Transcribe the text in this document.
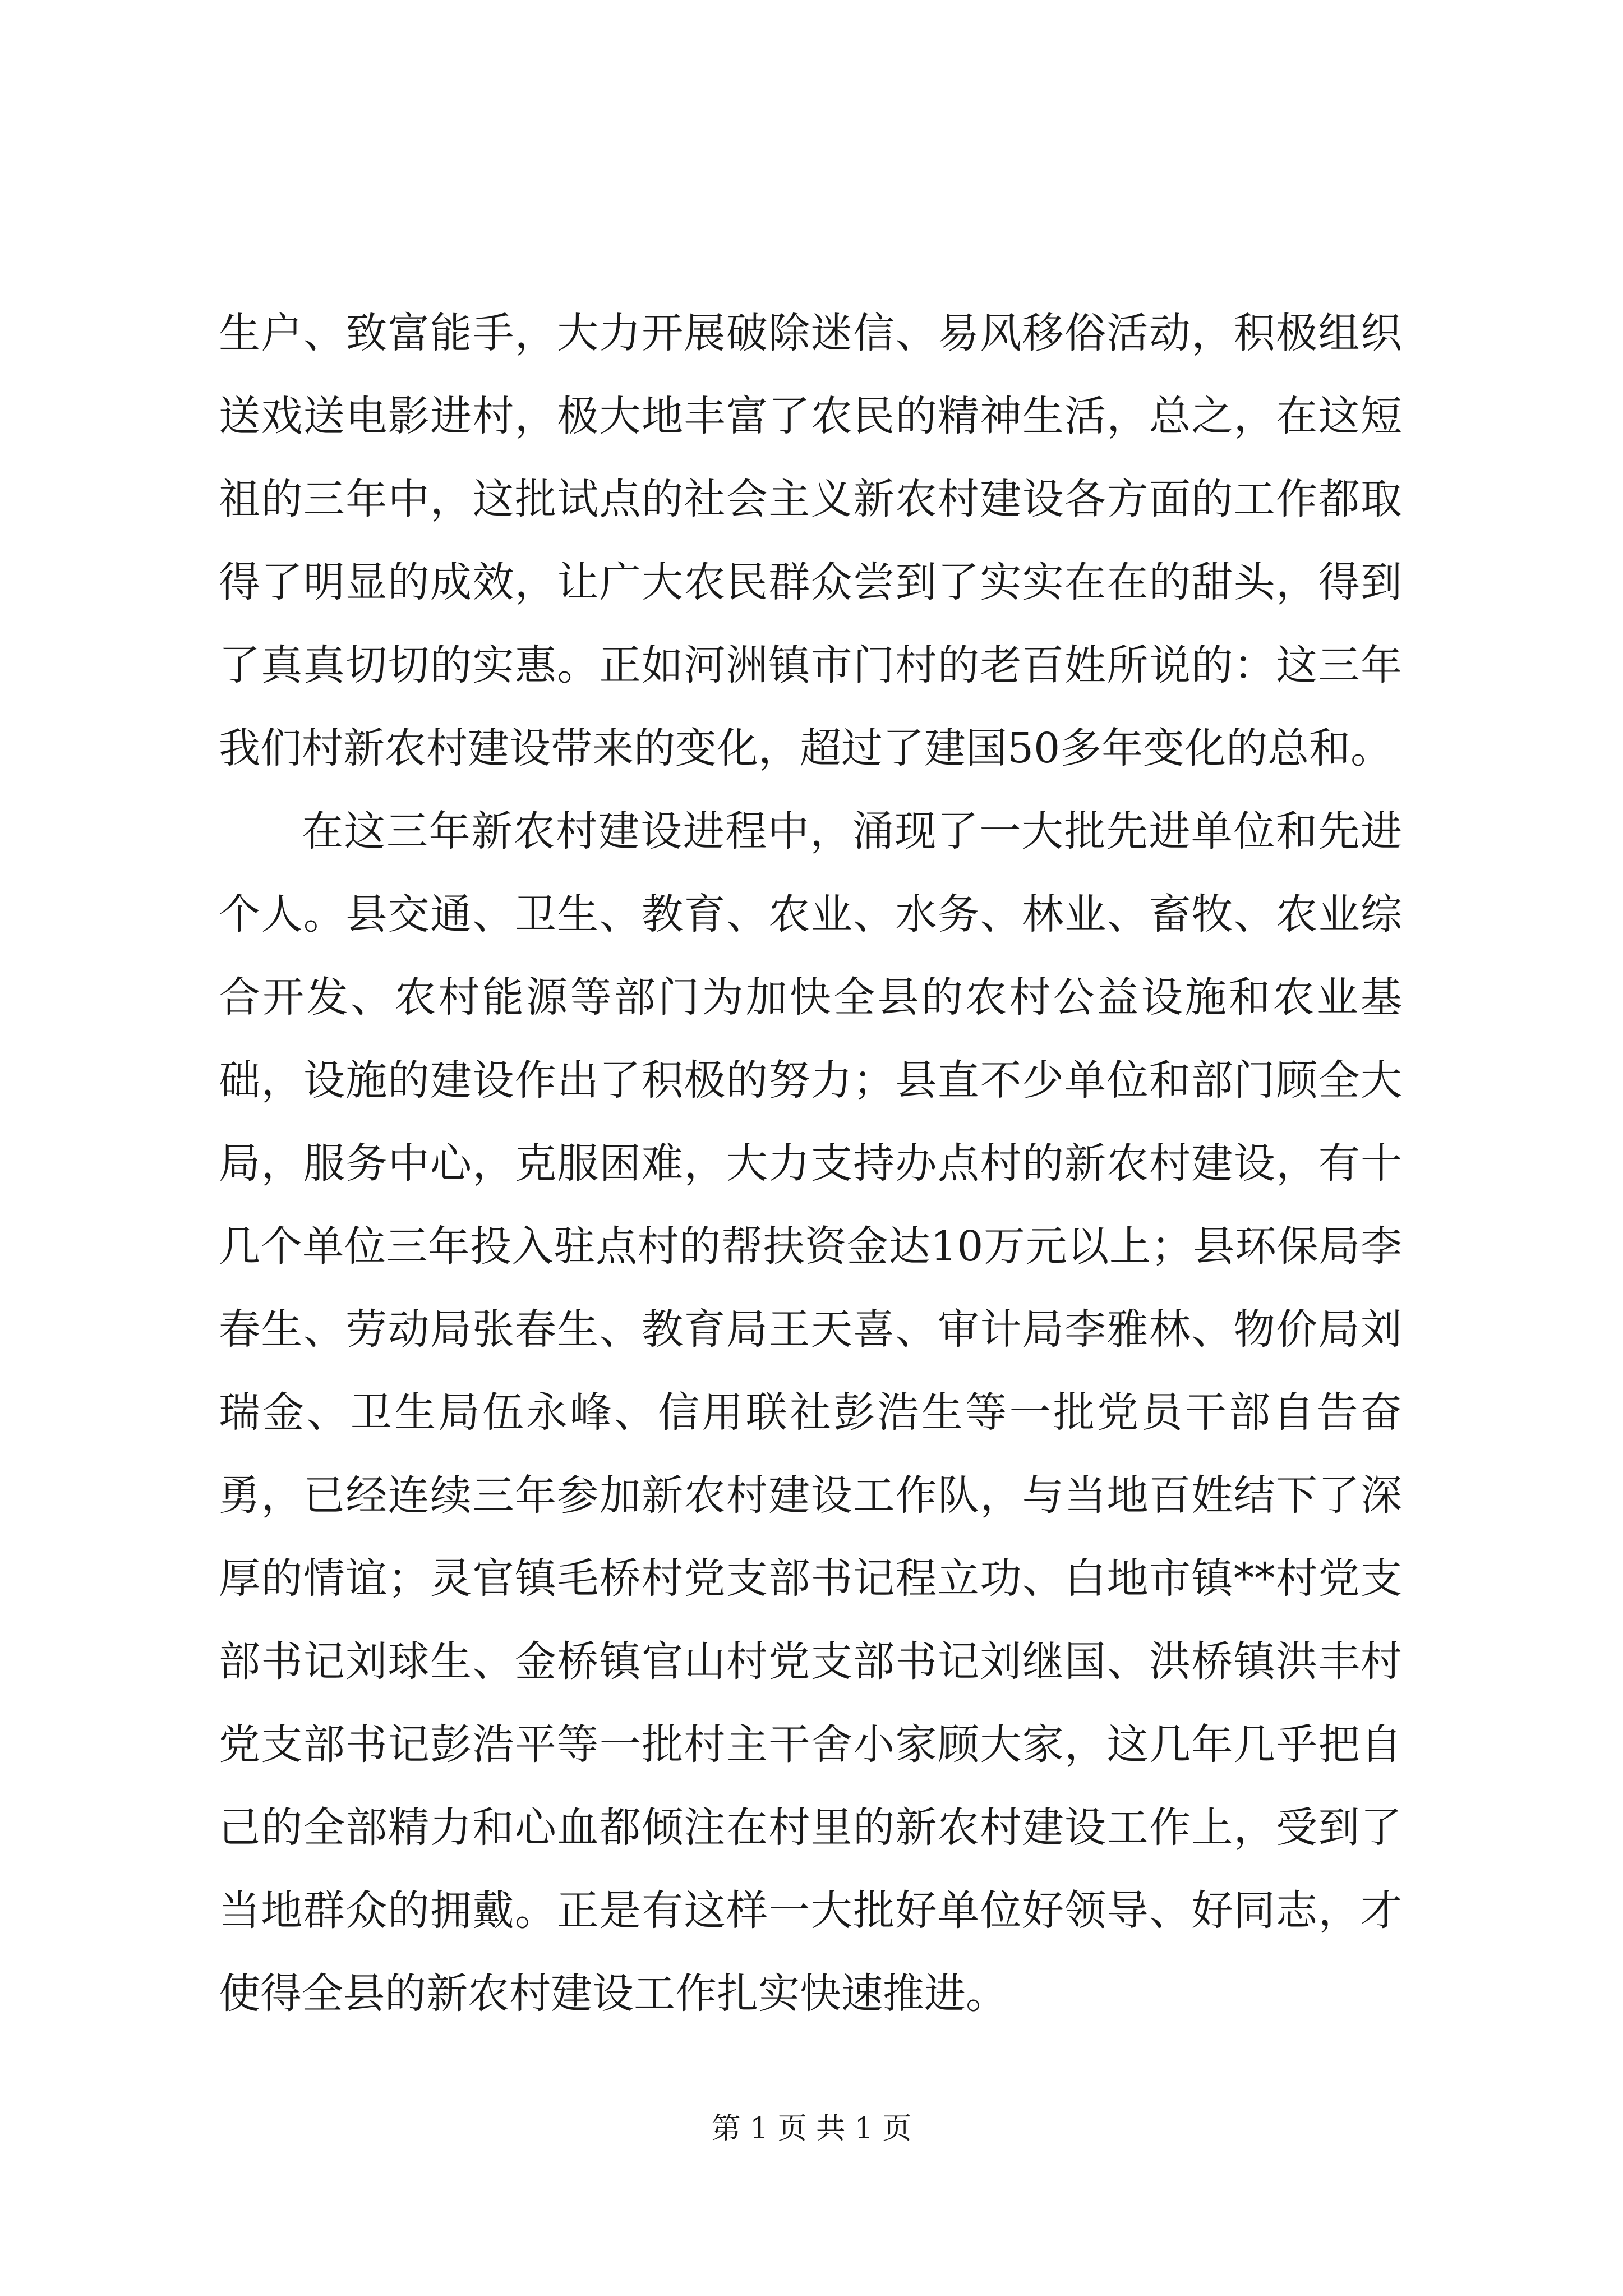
生户、致富能手，大力开展破除迷信、易风移俗活动，积极组织送戏送电影进村，极大地丰富了农民的精神生活，总之，在这短祖的三年中，这批试点的社会主义新农村建设各方面的工作都取得了明显的成效，让广大农民群众尝到了实实在在的甜头，得到了真真切切的实惠。正如河洲镇市门村的老百姓所说的：这三年我们村新农村建设带来的变化，超过了建国50多年变化的总和。

在这三年新农村建设进程中，涌现了一大批先进单位和先进个人。县交通、卫生、教育、农业、水务、林业、畜牧、农业综合开发、农村能源等部门为加快全县的农村公益设施和农业基础，设施的建设作出了积极的努力；县直不少单位和部门顾全大局，服务中心，克服困难，大力支持办点村的新农村建设，有十几个单位三年投入驻点村的帮扶资金达10万元以上；县环保局李春生、劳动局张春生、教育局王天喜、审计局李雅林、物价局刘瑞金、卫生局伍永峰、信用联社彭浩生等一批党员干部自告奋勇，已经连续三年参加新农村建设工作队，与当地百姓结下了深厚的情谊；灵官镇毛桥村党支部书记程立功、白地市镇**村党支部书记刘球生、金桥镇官山村党支部书记刘继国、洪桥镇洪丰村党支部书记彭浩平等一批村主干舍小家顾大家，这几年几乎把自己的全部精力和心血都倾注在村里的新农村建设工作上，受到了当地群众的拥戴。正是有这样一大批好单位好领导、好同志，才使得全县的新农村建设工作扎实快速推进。

第 1 页 共 1 页
